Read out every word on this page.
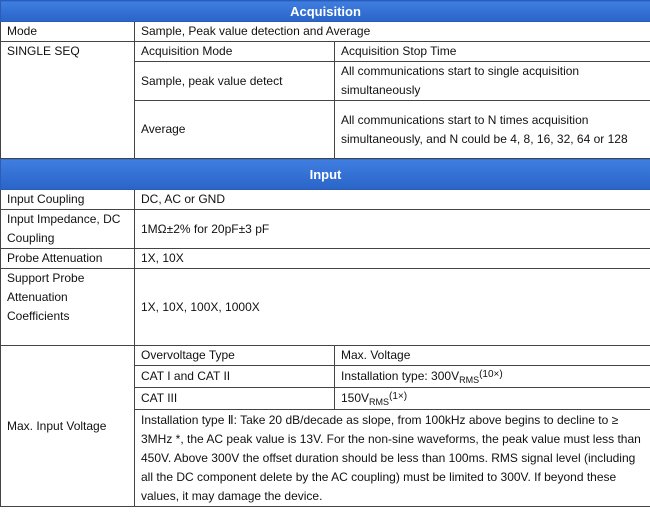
Acquisition		
Mode	Sample, Peak value detection and Average	
SINGLE SEQ	Acquisition Mode	Acquisition Stop Time
	Sample, peak value detect	All communications start to single acquisition simultaneously
	Average	All communications start to N times acquisition simultaneously, and N could be 4, 8, 16, 32, 64 or 128
Input		
Input Coupling	DC, AC or GND	
Input Impedance, DC Coupling	1MΩ±2% for 20pF±3 pF	
Probe Attenuation	1X, 10X	
Support Probe Attenuation Coefficients	1X, 10X, 100X, 1000X	
Max. Input Voltage	Overvoltage Type	Max. Voltage
	CAT I and CAT II	Installation type: $300V_{RMS}^{(10\times)}$
	CAT III	$150V_{RMS}^{(1\times)}$
	Installation type Ⅱ: Take 20 dB/decade as slope, from 100kHz above begins to decline to ≥ 3MHz *, the AC peak value is 13V. For the non-sine waveforms, the peak value must less than 450V. Above 300V the offset duration should be less than 100ms. RMS signal level (including all the DC component delete by the AC coupling) must be limited to 300V. If beyond these values, it may damage the device.	
